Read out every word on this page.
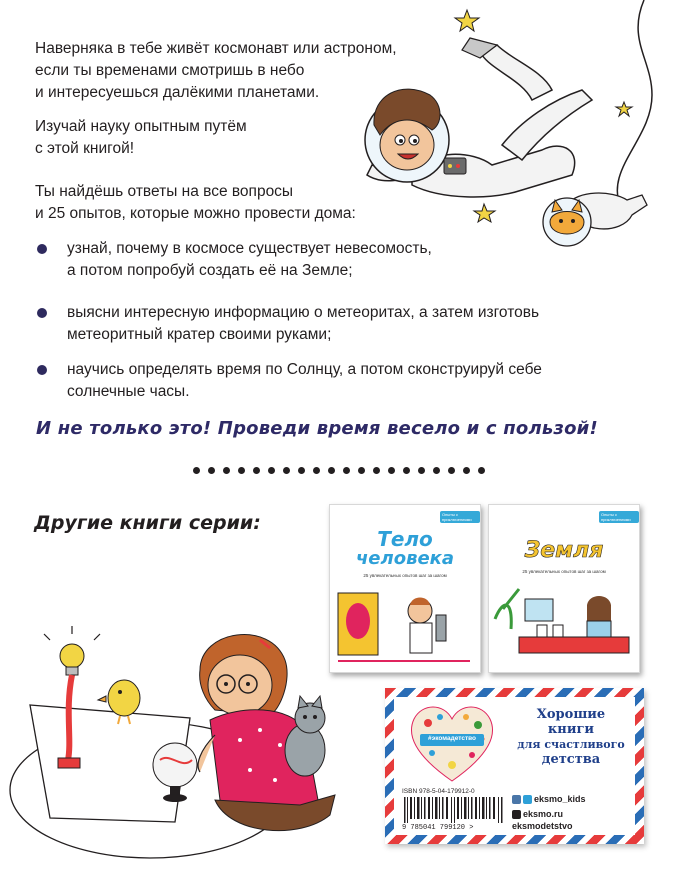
Наверняка в тебе живёт космонавт или астроном,
если ты временами смотришь в небо
и интересуешься далёкими планетами.
Изучай науку опытным путём
с этой книгой!
Ты найдёшь ответы на все вопросы
и 25 опытов, которые можно провести дома:
узнай, почему в космосе существует невесомость,
а потом попробуй создать её на Земле;
выясни интересную информацию о метеоритах, а затем изготовь
метеоритный кратер своими руками;
научись определять время по Солнцу, а потом сконструируй себе
солнечные часы.
И не только это! Проведи время весело и с пользой!
Другие книги серии:	Опыты с приключениями
Тело
человека
25 увлекательных опытов шаг за шагом
Опыты с приключениями
Земля
25 увлекательных опытов шаг за шагом
#экомадетство
Хорошие
книги
для счастливого
детства
ISBN 978-5-04-179912-0
9 785041 799120 >
eksmo_kids
eksmo.ru
eksmodetstvo
